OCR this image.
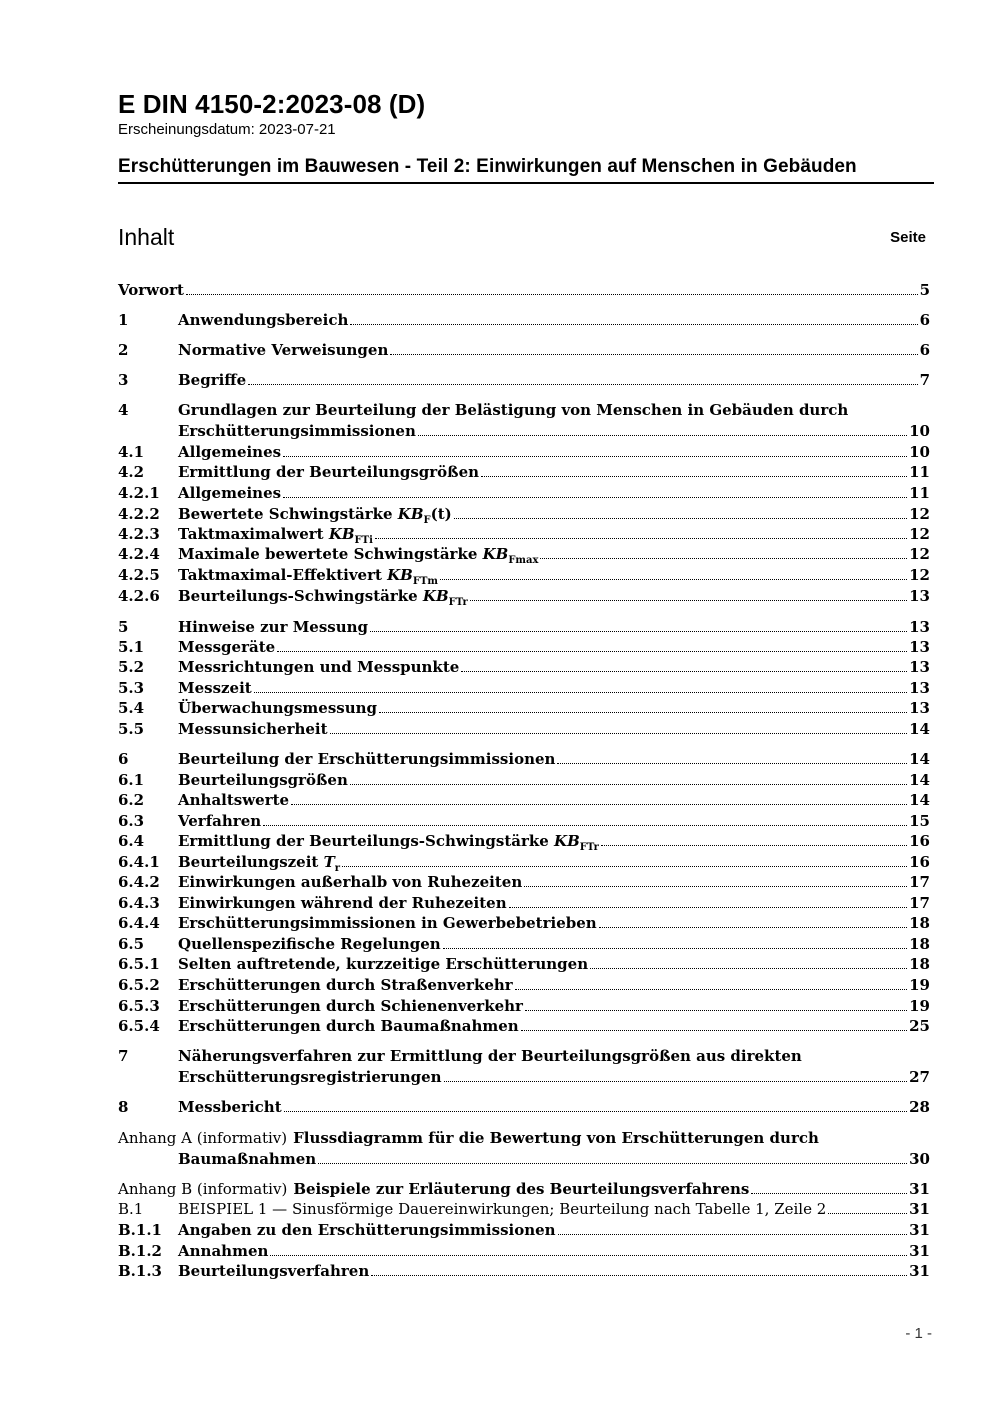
E DIN 4150-2:2023-08 (D)

Erscheinungsdatum: 2023-07-21

Erschütterungen im Bauwesen - Teil 2: Einwirkungen auf Menschen in Gebäuden
Inhalt	Seite
Vorwort	5
1	Anwendungsbereich	6
2	Normative Verweisungen	6
3	Begriffe	7
4	Grundlagen zur Beurteilung der Belästigung von Menschen in Gebäuden durch
Erschütterungsimmissionen	10
4.1	Allgemeines	10
4.2	Ermittlung der Beurteilungsgrößen	11
4.2.1	Allgemeines	11
4.2.2	Bewertete Schwingstärke $KB_F(t)$	12
4.2.3	Taktmaximalwert $KB_{FTi}$	12
4.2.4	Maximale bewertete Schwingstärke $KB_{Fmax}$	12
4.2.5	Taktmaximal-Effektivert $KB_{FTm}$	12
4.2.6	Beurteilungs-Schwingstärke $KB_{FTr}$	13
5	Hinweise zur Messung	13
5.1	Messgeräte	13
5.2	Messrichtungen und Messpunkte	13
5.3	Messzeit	13
5.4	Überwachungsmessung	13
5.5	Messunsicherheit	14
6	Beurteilung der Erschütterungsimmissionen	14
6.1	Beurteilungsgrößen	14
6.2	Anhaltswerte	14
6.3	Verfahren	15
6.4	Ermittlung der Beurteilungs-Schwingstärke $KB_{FTr}$	16
6.4.1	Beurteilungszeit $T_r$	16
6.4.2	Einwirkungen außerhalb von Ruhezeiten	17
6.4.3	Einwirkungen während der Ruhezeiten	17
6.4.4	Erschütterungsimmissionen in Gewerbebetrieben	18
6.5	Quellenspezifische Regelungen	18
6.5.1	Selten auftretende, kurzzeitige Erschütterungen	18
6.5.2	Erschütterungen durch Straßenverkehr	19
6.5.3	Erschütterungen durch Schienenverkehr	19
6.5.4	Erschütterungen durch Baumaßnahmen	25
7	Näherungsverfahren zur Ermittlung der Beurteilungsgrößen aus direkten
Erschütterungsregistrierungen	27
8	Messbericht	28
Anhang A (informativ) Flussdiagramm für die Bewertung von Erschütterungen durch
Baumaßnahmen	30
Anhang B (informativ) Beispiele zur Erläuterung des Beurteilungsverfahrens	31
B.1	BEISPIEL 1 — Sinusförmige Dauereinwirkungen; Beurteilung nach Tabelle 1, Zeile 2	31
B.1.1	Angaben zu den Erschütterungsimmissionen	31
B.1.2	Annahmen	31
B.1.3	Beurteilungsverfahren	31
- 1 -
